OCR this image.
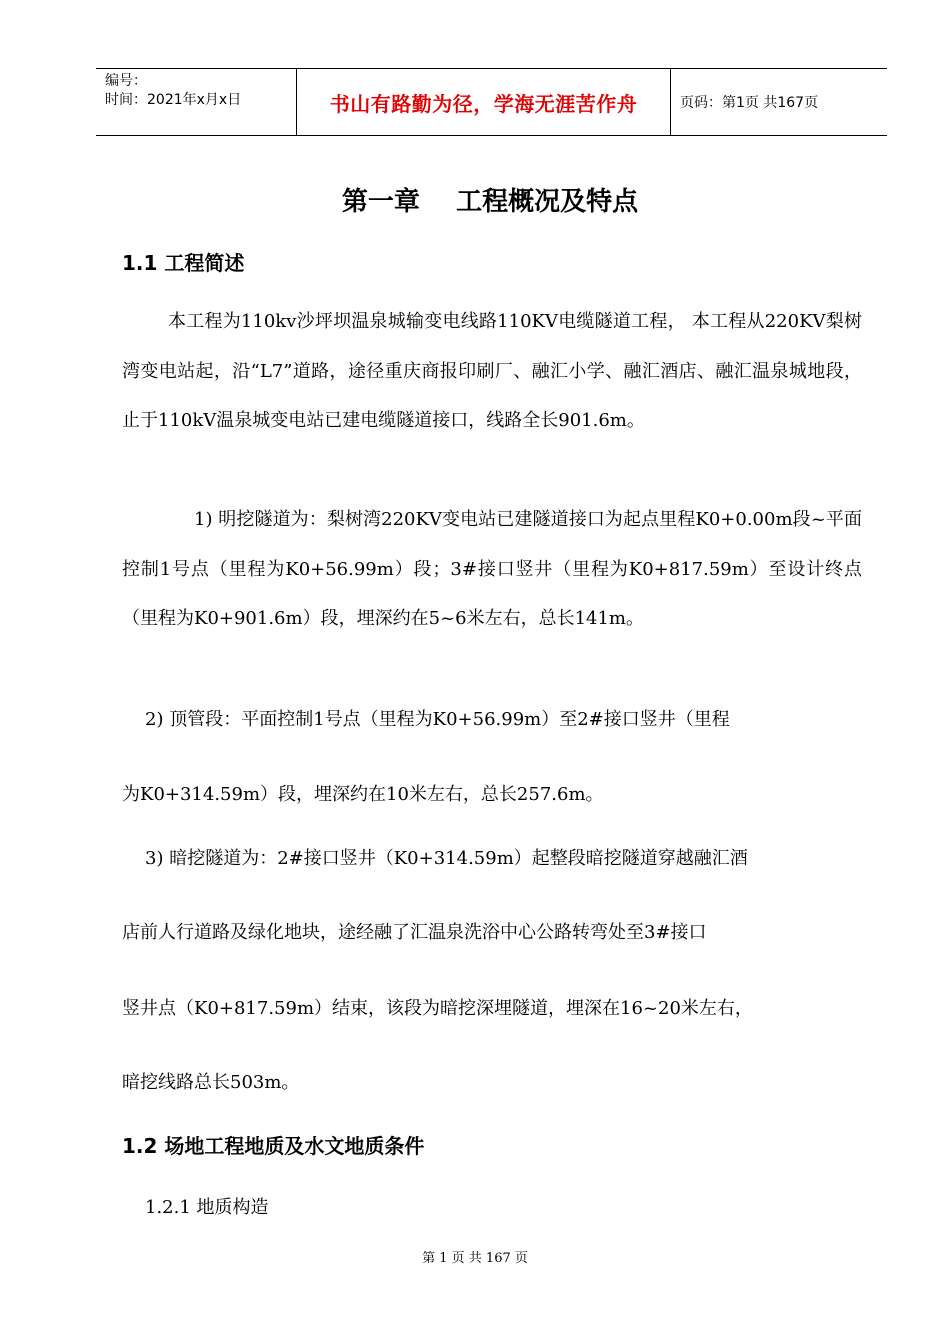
编号：
时间：2021年x月x日	书山有路勤为径，学海无涯苦作舟	页码：第1页 共167页
第一章    工程概况及特点
1.1 工程简述

本工程为110kv沙坪坝温泉城输变电线路110KV电缆隧道工程， 本工程从220KV梨树湾变电站起，沿“L7”道路，途径重庆商报印刷厂、融汇小学、融汇酒店、融汇温泉城地段，止于110kV温泉城变电站已建电缆隧道接口，线路全长901.6m。

1) 明挖隧道为：梨树湾220KV变电站已建隧道接口为起点里程K0+0.00m段~平面控制1号点（里程为K0+56.99m）段；3#接口竖井（里程为K0+817.59m）至设计终点（里程为K0+901.6m）段，埋深约在5~6米左右，总长141m。

2) 顶管段：平面控制1号点（里程为K0+56.99m）至2#接口竖井（里程
为K0+314.59m）段，埋深约在10米左右，总长257.6m。
3) 暗挖隧道为：2#接口竖井（K0+314.59m）起整段暗挖隧道穿越融汇酒
店前人行道路及绿化地块，途经融了汇温泉洗浴中心公路转弯处至3#接口
竖井点（K0+817.59m）结束，该段为暗挖深埋隧道，埋深在16~20米左右，
暗挖线路总长503m。
1.2 场地工程地质及水文地质条件
1.2.1 地质构造
第 1 页 共 167 页
